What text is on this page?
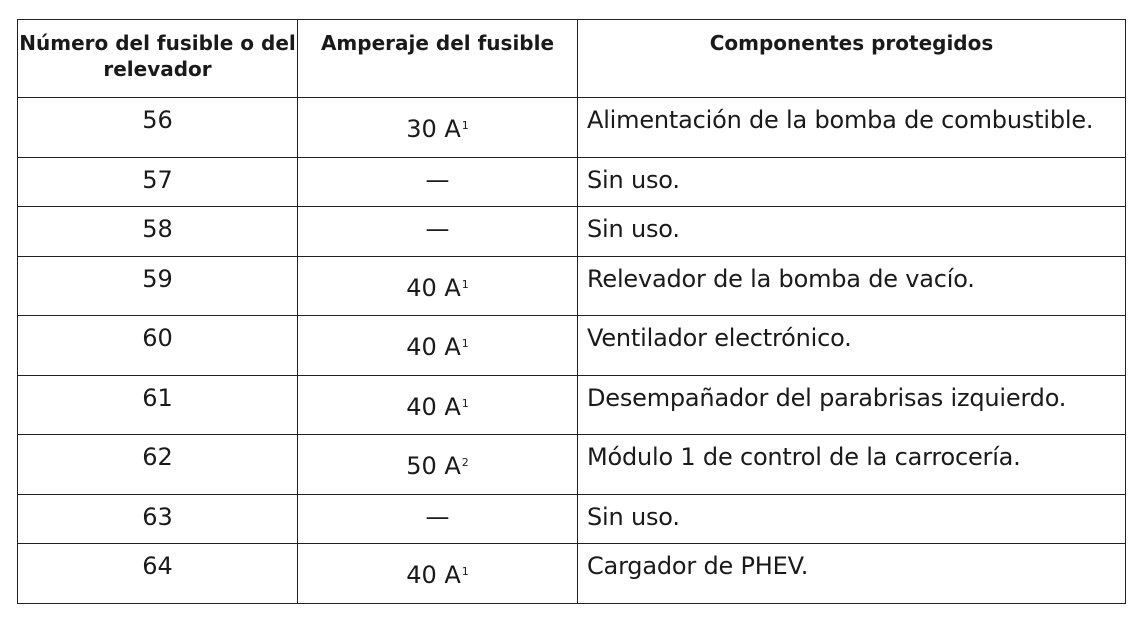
Número del fusible o del relevador	Amperaje del fusible	Componentes protegidos
56	30 $A^1$	Alimentación de la bomba de combustible.
57	—	Sin uso.
58	—	Sin uso.
59	40 $A^1$	Relevador de la bomba de vacío.
60	40 $A^1$	Ventilador electrónico.
61	40 $A^1$	Desempañador del parabrisas izquierdo.
62	50 $A^2$	Módulo 1 de control de la carrocería.
63	—	Sin uso.
64	40 $A^1$	Cargador de PHEV.
